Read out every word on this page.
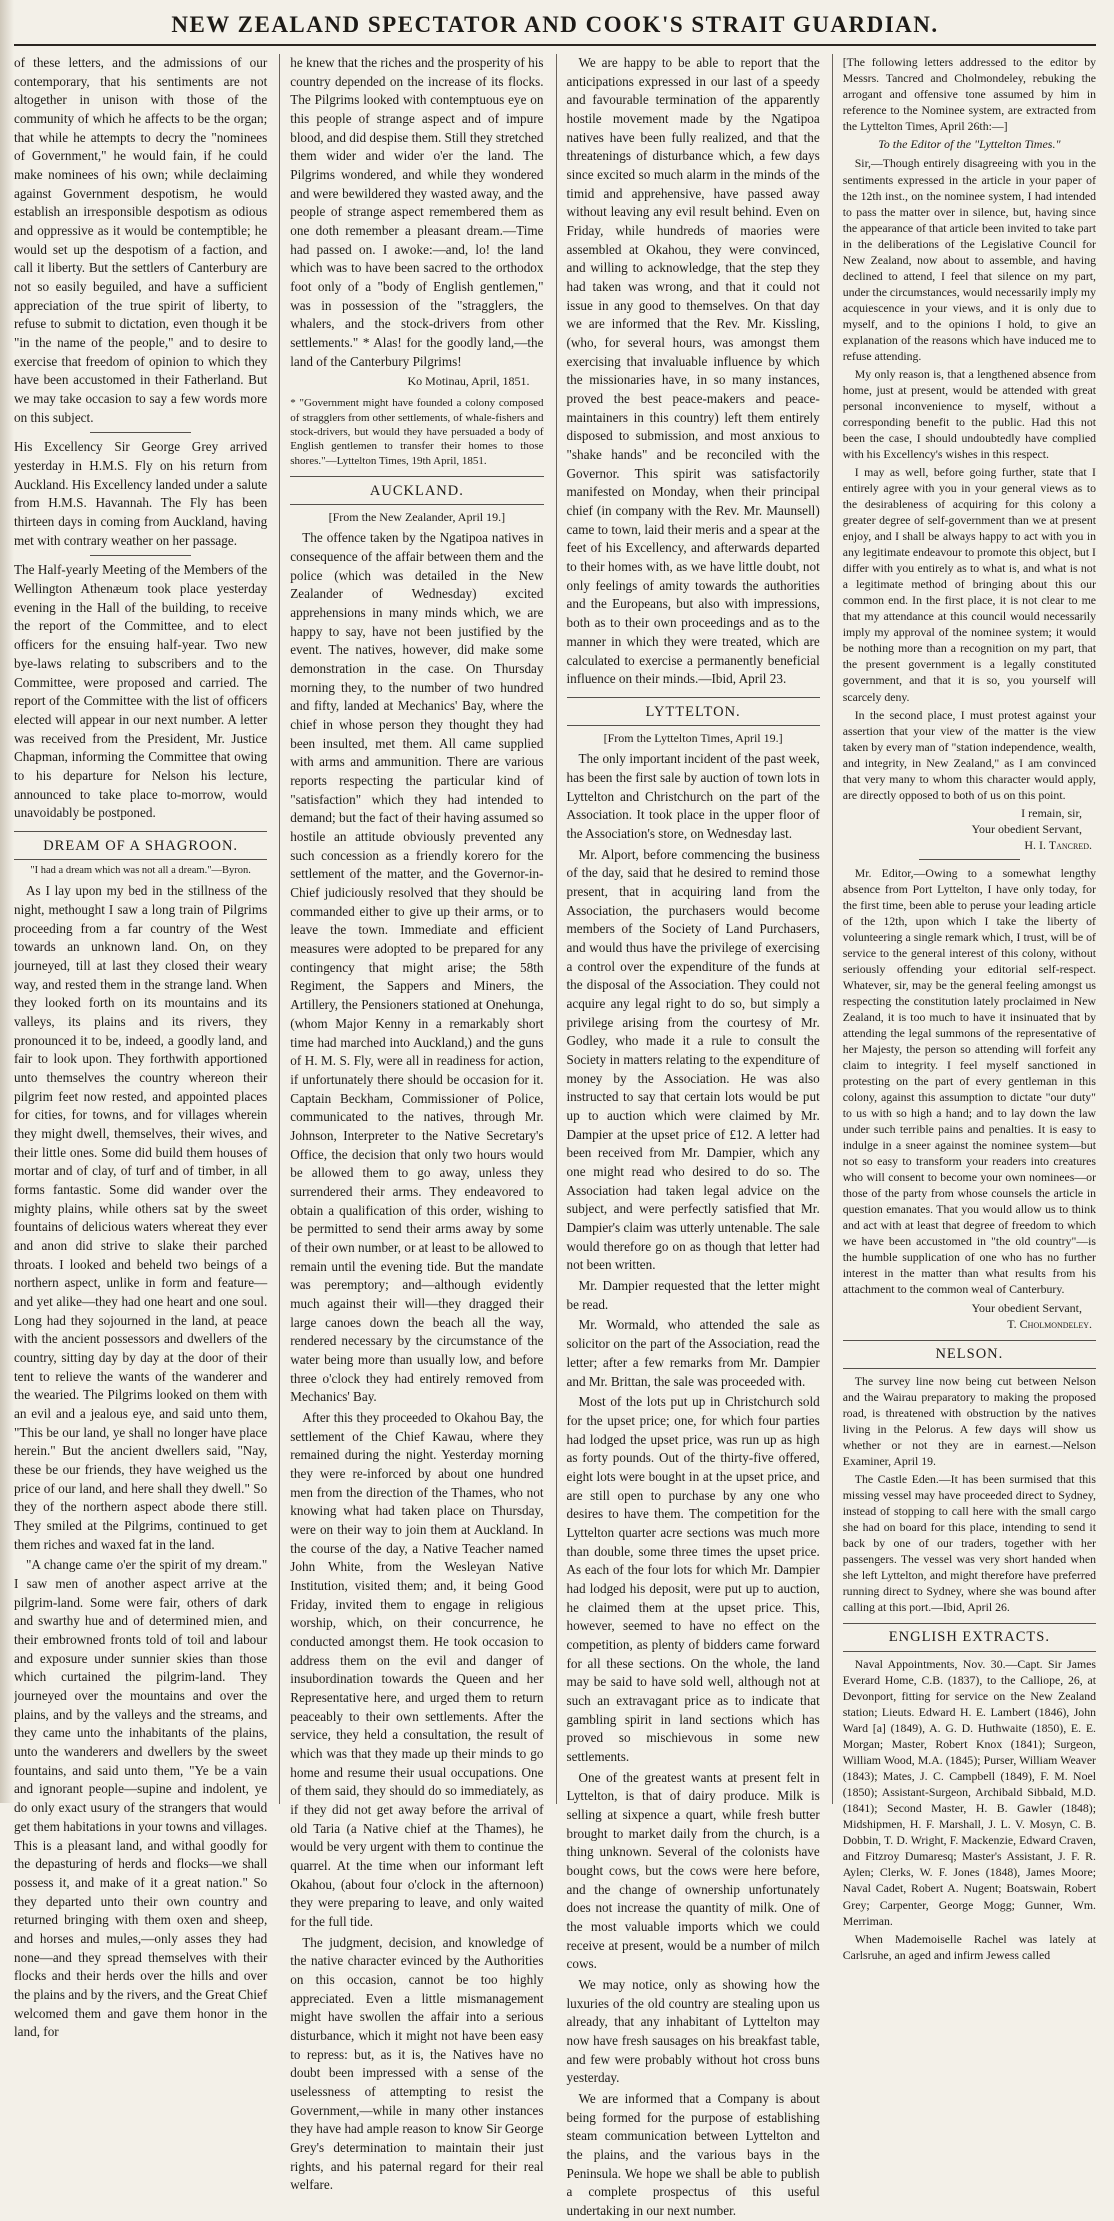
NEW ZEALAND SPECTATOR AND COOK'S STRAIT GUARDIAN.

of these letters, and the admissions of our contemporary, that his sentiments are not altogether in unison with those of the community of which he affects to be the organ; that while he attempts to decry the "nominees of Government," he would fain, if he could make nominees of his own; while declaiming against Government despotism, he would establish an irresponsible despotism as odious and oppressive as it would be contemptible; he would set up the despotism of a faction, and call it liberty. But the settlers of Canterbury are not so easily beguiled, and have a sufficient appreciation of the true spirit of liberty, to refuse to submit to dictation, even though it be "in the name of the people," and to desire to exercise that freedom of opinion to which they have been accustomed in their Fatherland. But we may take occasion to say a few words more on this subject.

His Excellency Sir George Grey arrived yesterday in H.M.S. Fly on his return from Auckland. His Excellency landed under a salute from H.M.S. Havannah. The Fly has been thirteen days in coming from Auckland, having met with contrary weather on her passage.

The Half-yearly Meeting of the Members of the Wellington Athenæum took place yesterday evening in the Hall of the building, to receive the report of the Committee, and to elect officers for the ensuing half-year. Two new bye-laws relating to subscribers and to the Committee, were proposed and carried. The report of the Committee with the list of officers elected will appear in our next number. A letter was received from the President, Mr. Justice Chapman, informing the Committee that owing to his departure for Nelson his lecture, announced to take place to-morrow, would unavoidably be postponed.

DREAM OF A SHAGROON.
"I had a dream which was not all a dream."—Byron.

As I lay upon my bed in the stillness of the night, methought I saw a long train of Pilgrims proceeding from a far country of the West towards an unknown land. On, on they journeyed, till at last they closed their weary way, and rested them in the strange land. When they looked forth on its mountains and its valleys, its plains and its rivers, they pronounced it to be, indeed, a goodly land, and fair to look upon. They forthwith apportioned unto themselves the country whereon their pilgrim feet now rested, and appointed places for cities, for towns, and for villages wherein they might dwell, themselves, their wives, and their little ones. Some did build them houses of mortar and of clay, of turf and of timber, in all forms fantastic. Some did wander over the mighty plains, while others sat by the sweet fountains of delicious waters whereat they ever and anon did strive to slake their parched throats. I looked and beheld two beings of a northern aspect, unlike in form and feature—and yet alike—they had one heart and one soul. Long had they sojourned in the land, at peace with the ancient possessors and dwellers of the country, sitting day by day at the door of their tent to relieve the wants of the wanderer and the wearied. The Pilgrims looked on them with an evil and a jealous eye, and said unto them, "This be our land, ye shall no longer have place herein." But the ancient dwellers said, "Nay, these be our friends, they have weighed us the price of our land, and here shall they dwell." So they of the northern aspect abode there still. They smiled at the Pilgrims, continued to get them riches and waxed fat in the land.

"A change came o'er the spirit of my dream." I saw men of another aspect arrive at the pilgrim-land. Some were fair, others of dark and swarthy hue and of determined mien, and their embrowned fronts told of toil and labour and exposure under sunnier skies than those which curtained the pilgrim-land. They journeyed over the mountains and over the plains, and by the valleys and the streams, and they came unto the inhabitants of the plains, unto the wanderers and dwellers by the sweet fountains, and said unto them, "Ye be a vain and ignorant people—supine and indolent, ye do only exact usury of the strangers that would get them habitations in your towns and villages. This is a pleasant land, and withal goodly for the depasturing of herds and flocks—we shall possess it, and make of it a great nation." So they departed unto their own country and returned bringing with them oxen and sheep, and horses and mules,—only asses they had none—and they spread themselves with their flocks and their herds over the hills and over the plains and by the rivers, and the Great Chief welcomed them and gave them honor in the land, for

he knew that the riches and the prosperity of his country depended on the increase of its flocks. The Pilgrims looked with contemptuous eye on this people of strange aspect and of impure blood, and did despise them. Still they stretched them wider and wider o'er the land. The Pilgrims wondered, and while they wondered and were bewildered they wasted away, and the people of strange aspect remembered them as one doth remember a pleasant dream.—Time had passed on. I awoke:—and, lo! the land which was to have been sacred to the orthodox foot only of a "body of English gentlemen," was in possession of the "stragglers, the whalers, and the stock-drivers from other settlements." * Alas! for the goodly land,—the land of the Canterbury Pilgrims!

Ko Motinau, April, 1851.
* "Government might have founded a colony composed of stragglers from other settlements, of whale-fishers and stock-drivers, but would they have persuaded a body of English gentlemen to transfer their homes to those shores."—Lyttelton Times, 19th April, 1851.
AUCKLAND.
[From the New Zealander, April 19.]

The offence taken by the Ngatipoa natives in consequence of the affair between them and the police (which was detailed in the New Zealander of Wednesday) excited apprehensions in many minds which, we are happy to say, have not been justified by the event. The natives, however, did make some demonstration in the case. On Thursday morning they, to the number of two hundred and fifty, landed at Mechanics' Bay, where the chief in whose person they thought they had been insulted, met them. All came supplied with arms and ammunition. There are various reports respecting the particular kind of "satisfaction" which they had intended to demand; but the fact of their having assumed so hostile an attitude obviously prevented any such concession as a friendly korero for the settlement of the matter, and the Governor-in-Chief judiciously resolved that they should be commanded either to give up their arms, or to leave the town. Immediate and efficient measures were adopted to be prepared for any contingency that might arise; the 58th Regiment, the Sappers and Miners, the Artillery, the Pensioners stationed at Onehunga, (whom Major Kenny in a remarkably short time had marched into Auckland,) and the guns of H. M. S. Fly, were all in readiness for action, if unfortunately there should be occasion for it. Captain Beckham, Commissioner of Police, communicated to the natives, through Mr. Johnson, Interpreter to the Native Secretary's Office, the decision that only two hours would be allowed them to go away, unless they surrendered their arms. They endeavored to obtain a qualification of this order, wishing to be permitted to send their arms away by some of their own number, or at least to be allowed to remain until the evening tide. But the mandate was peremptory; and—although evidently much against their will—they dragged their large canoes down the beach all the way, rendered necessary by the circumstance of the water being more than usually low, and before three o'clock they had entirely removed from Mechanics' Bay.

After this they proceeded to Okahou Bay, the settlement of the Chief Kawau, where they remained during the night. Yesterday morning they were re-inforced by about one hundred men from the direction of the Thames, who not knowing what had taken place on Thursday, were on their way to join them at Auckland. In the course of the day, a Native Teacher named John White, from the Wesleyan Native Institution, visited them; and, it being Good Friday, invited them to engage in religious worship, which, on their concurrence, he conducted amongst them. He took occasion to address them on the evil and danger of insubordination towards the Queen and her Representative here, and urged them to return peaceably to their own settlements. After the service, they held a consultation, the result of which was that they made up their minds to go home and resume their usual occupations. One of them said, they should do so immediately, as if they did not get away before the arrival of old Taria (a Native chief at the Thames), he would be very urgent with them to continue the quarrel. At the time when our informant left Okahou, (about four o'clock in the afternoon) they were preparing to leave, and only waited for the full tide.

The judgment, decision, and knowledge of the native character evinced by the Authorities on this occasion, cannot be too highly appreciated. Even a little mismanagement might have swollen the affair into a serious disturbance, which it might not have been easy to repress: but, as it is, the Natives have no doubt been impressed with a sense of the uselessness of attempting to resist the Government,—while in many other instances they have had ample reason to know Sir George Grey's determination to maintain their just rights, and his paternal regard for their real welfare.

We are happy to be able to report that the anticipations expressed in our last of a speedy and favourable termination of the apparently hostile movement made by the Ngatipoa natives have been fully realized, and that the threatenings of disturbance which, a few days since excited so much alarm in the minds of the timid and apprehensive, have passed away without leaving any evil result behind. Even on Friday, while hundreds of maories were assembled at Okahou, they were convinced, and willing to acknowledge, that the step they had taken was wrong, and that it could not issue in any good to themselves. On that day we are informed that the Rev. Mr. Kissling, (who, for several hours, was amongst them exercising that invaluable influence by which the missionaries have, in so many instances, proved the best peace-makers and peace-maintainers in this country) left them entirely disposed to submission, and most anxious to "shake hands" and be reconciled with the Governor. This spirit was satisfactorily manifested on Monday, when their principal chief (in company with the Rev. Mr. Maunsell) came to town, laid their meris and a spear at the feet of his Excellency, and afterwards departed to their homes with, as we have little doubt, not only feelings of amity towards the authorities and the Europeans, but also with impressions, both as to their own proceedings and as to the manner in which they were treated, which are calculated to exercise a permanently beneficial influence on their minds.—Ibid, April 23.

LYTTELTON.
[From the Lyttelton Times, April 19.]

The only important incident of the past week, has been the first sale by auction of town lots in Lyttelton and Christchurch on the part of the Association. It took place in the upper floor of the Association's store, on Wednesday last.

Mr. Alport, before commencing the business of the day, said that he desired to remind those present, that in acquiring land from the Association, the purchasers would become members of the Society of Land Purchasers, and would thus have the privilege of exercising a control over the expenditure of the funds at the disposal of the Association. They could not acquire any legal right to do so, but simply a privilege arising from the courtesy of Mr. Godley, who made it a rule to consult the Society in matters relating to the expenditure of money by the Association. He was also instructed to say that certain lots would be put up to auction which were claimed by Mr. Dampier at the upset price of £12. A letter had been received from Mr. Dampier, which any one might read who desired to do so. The Association had taken legal advice on the subject, and were perfectly satisfied that Mr. Dampier's claim was utterly untenable. The sale would therefore go on as though that letter had not been written.

Mr. Dampier requested that the letter might be read.

Mr. Wormald, who attended the sale as solicitor on the part of the Association, read the letter; after a few remarks from Mr. Dampier and Mr. Brittan, the sale was proceeded with.

Most of the lots put up in Christchurch sold for the upset price; one, for which four parties had lodged the upset price, was run up as high as forty pounds. Out of the thirty-five offered, eight lots were bought in at the upset price, and are still open to purchase by any one who desires to have them. The competition for the Lyttelton quarter acre sections was much more than double, some three times the upset price. As each of the four lots for which Mr. Dampier had lodged his deposit, were put up to auction, he claimed them at the upset price. This, however, seemed to have no effect on the competition, as plenty of bidders came forward for all these sections. On the whole, the land may be said to have sold well, although not at such an extravagant price as to indicate that gambling spirit in land sections which has proved so mischievous in some new settlements.

One of the greatest wants at present felt in Lyttelton, is that of dairy produce. Milk is selling at sixpence a quart, while fresh butter brought to market daily from the church, is a thing unknown. Several of the colonists have bought cows, but the cows were here before, and the change of ownership unfortunately does not increase the quantity of milk. One of the most valuable imports which we could receive at present, would be a number of milch cows.

We may notice, only as showing how the luxuries of the old country are stealing upon us already, that any inhabitant of Lyttelton may now have fresh sausages on his breakfast table, and few were probably without hot cross buns yesterday.

We are informed that a Company is about being formed for the purpose of establishing steam communication between Lyttelton and the plains, and the various bays in the Peninsula. We hope we shall be able to publish a complete prospectus of this useful undertaking in our next number.

[The following letters addressed to the editor by Messrs. Tancred and Cholmondeley, rebuking the arrogant and offensive tone assumed by him in reference to the Nominee system, are extracted from the Lyttelton Times, April 26th:—]

To the Editor of the "Lyttelton Times."

Sir,—Though entirely disagreeing with you in the sentiments expressed in the article in your paper of the 12th inst., on the nominee system, I had intended to pass the matter over in silence, but, having since the appearance of that article been invited to take part in the deliberations of the Legislative Council for New Zealand, now about to assemble, and having declined to attend, I feel that silence on my part, under the circumstances, would necessarily imply my acquiescence in your views, and it is only due to myself, and to the opinions I hold, to give an explanation of the reasons which have induced me to refuse attending.

My only reason is, that a lengthened absence from home, just at present, would be attended with great personal inconvenience to myself, without a corresponding benefit to the public. Had this not been the case, I should undoubtedly have complied with his Excellency's wishes in this respect.

I may as well, before going further, state that I entirely agree with you in your general views as to the desirableness of acquiring for this colony a greater degree of self-government than we at present enjoy, and I shall be always happy to act with you in any legitimate endeavour to promote this object, but I differ with you entirely as to what is, and what is not a legitimate method of bringing about this our common end. In the first place, it is not clear to me that my attendance at this council would necessarily imply my approval of the nominee system; it would be nothing more than a recognition on my part, that the present government is a legally constituted government, and that it is so, you yourself will scarcely deny.

In the second place, I must protest against your assertion that your view of the matter is the view taken by every man of "station independence, wealth, and integrity, in New Zealand," as I am convinced that very many to whom this character would apply, are directly opposed to both of us on this point.

I remain, sir,
Your obedient Servant,
H. I. Tancred.

Mr. Editor,—Owing to a somewhat lengthy absence from Port Lyttelton, I have only today, for the first time, been able to peruse your leading article of the 12th, upon which I take the liberty of volunteering a single remark which, I trust, will be of service to the general interest of this colony, without seriously offending your editorial self-respect. Whatever, sir, may be the general feeling amongst us respecting the constitution lately proclaimed in New Zealand, it is too much to have it insinuated that by attending the legal summons of the representative of her Majesty, the person so attending will forfeit any claim to integrity. I feel myself sanctioned in protesting on the part of every gentleman in this colony, against this assumption to dictate "our duty" to us with so high a hand; and to lay down the law under such terrible pains and penalties. It is easy to indulge in a sneer against the nominee system—but not so easy to transform your readers into creatures who will consent to become your own nominees—or those of the party from whose counsels the article in question emanates. That you would allow us to think and act with at least that degree of freedom to which we have been accustomed in "the old country"—is the humble supplication of one who has no further interest in the matter than what results from his attachment to the common weal of Canterbury.

Your obedient Servant,
T. Cholmondeley.
NELSON.

The survey line now being cut between Nelson and the Wairau preparatory to making the proposed road, is threatened with obstruction by the natives living in the Pelorus. A few days will show us whether or not they are in earnest.—Nelson Examiner, April 19.

The Castle Eden.—It has been surmised that this missing vessel may have proceeded direct to Sydney, instead of stopping to call here with the small cargo she had on board for this place, intending to send it back by one of our traders, together with her passengers. The vessel was very short handed when she left Lyttelton, and might therefore have preferred running direct to Sydney, where she was bound after calling at this port.—Ibid, April 26.

ENGLISH EXTRACTS.

Naval Appointments, Nov. 30.—Capt. Sir James Everard Home, C.B. (1837), to the Calliope, 26, at Devonport, fitting for service on the New Zealand station; Lieuts. Edward H. E. Lambert (1846), John Ward [a] (1849), A. G. D. Huthwaite (1850), E. E. Morgan; Master, Robert Knox (1841); Surgeon, William Wood, M.A. (1845); Purser, William Weaver (1843); Mates, J. C. Campbell (1849), F. M. Noel (1850); Assistant-Surgeon, Archibald Sibbald, M.D. (1841); Second Master, H. B. Gawler (1848); Midshipmen, H. F. Marshall, J. L. V. Mosyn, C. B. Dobbin, T. D. Wright, F. Mackenzie, Edward Craven, and Fitzroy Dumaresq; Master's Assistant, J. F. R. Aylen; Clerks, W. F. Jones (1848), James Moore; Naval Cadet, Robert A. Nugent; Boatswain, Robert Grey; Carpenter, George Mogg; Gunner, Wm. Merriman.

When Mademoiselle Rachel was lately at Carlsruhe, an aged and infirm Jewess called
